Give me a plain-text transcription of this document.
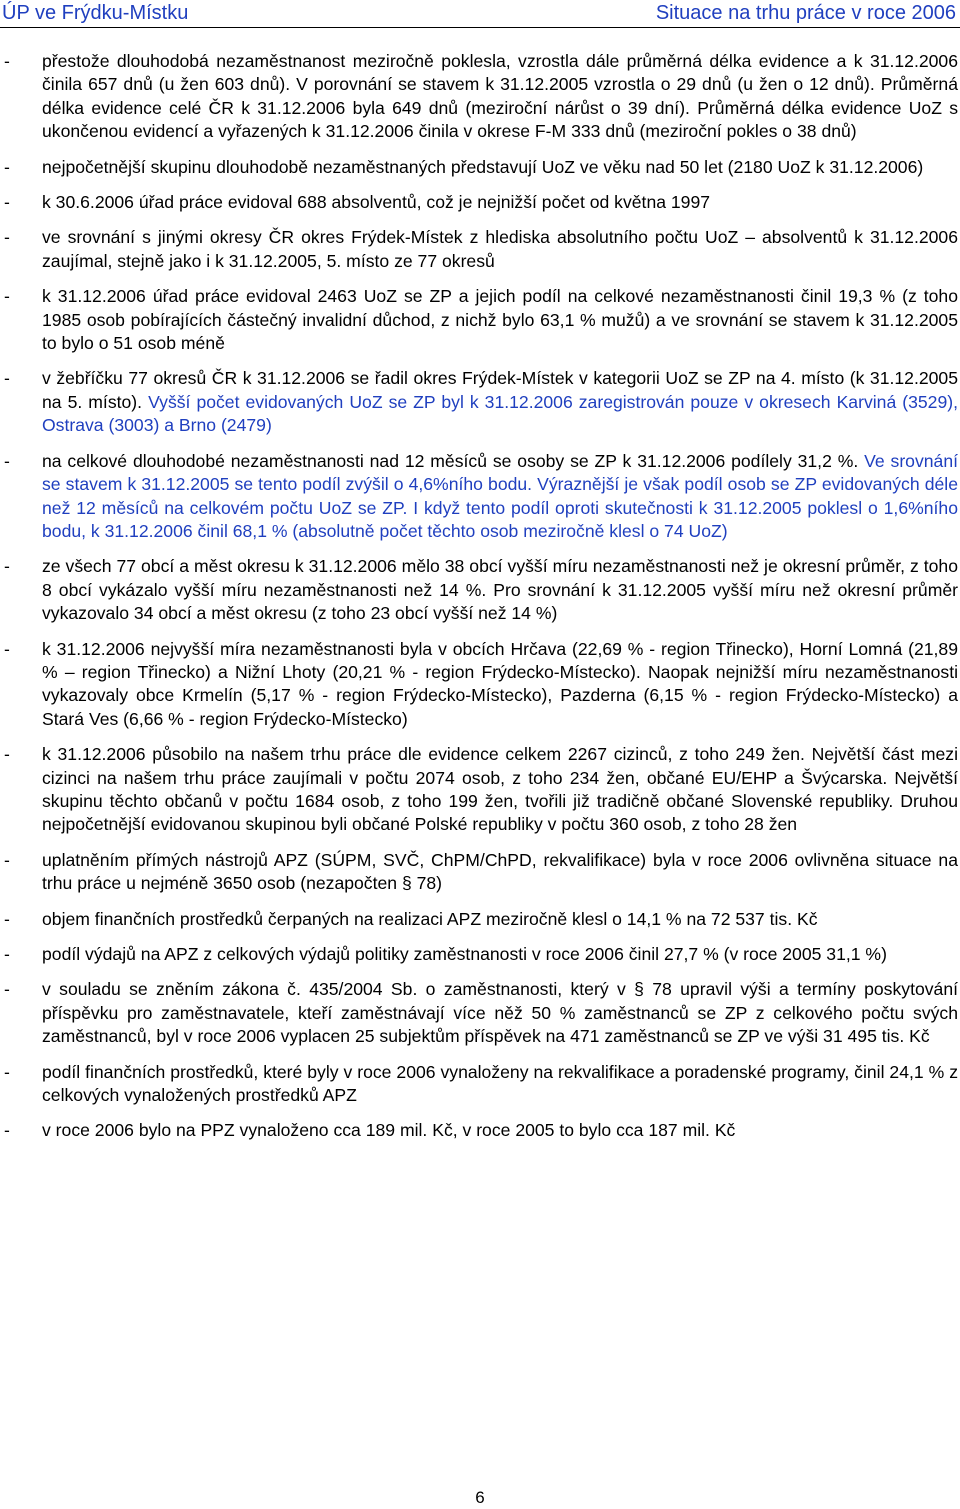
ÚP ve Frýdku-Místku	Situace na trhu práce v roce 2006
- přestože dlouhodobá nezaměstnanost meziročně poklesla, vzrostla dále průměrná délka evidence a k 31.12.2006 činila 657 dnů (u žen 603 dnů). V porovnání se stavem k 31.12.2005 vzrostla o 29 dnů (u žen o 12 dnů). Průměrná délka evidence celé ČR k 31.12.2006 byla 649 dnů (meziroční nárůst o 39 dní). Průměrná délka evidence UoZ s ukončenou evidencí a vyřazených k 31.12.2006 činila v okrese F-M 333 dnů (meziroční pokles o 38 dnů)
- nejpočetnější skupinu dlouhodobě nezaměstnaných představují UoZ ve věku nad 50 let (2180 UoZ k 31.12.2006)
- k 30.6.2006 úřad práce evidoval 688 absolventů, což je nejnižší počet od května 1997
- ve srovnání s jinými okresy ČR okres Frýdek-Místek z hlediska absolutního počtu UoZ – absolventů k 31.12.2006 zaujímal, stejně jako i k 31.12.2005, 5. místo ze 77 okresů
- k 31.12.2006 úřad práce evidoval 2463 UoZ se ZP a jejich podíl na celkové nezaměstnanosti činil 19,3 % (z toho 1985 osob pobírajících částečný invalidní důchod, z nichž bylo 63,1 % mužů) a ve srovnání se stavem k 31.12.2005 to bylo o 51 osob méně
- v žebříčku 77 okresů ČR k 31.12.2006 se řadil okres Frýdek-Místek v kategorii UoZ se ZP na 4. místo (k 31.12.2005 na 5. místo). Vyšší počet evidovaných UoZ se ZP byl k 31.12.2006 zaregistrován pouze v okresech Karviná (3529), Ostrava (3003) a Brno (2479)
- na celkové dlouhodobé nezaměstnanosti nad 12 měsíců se osoby se ZP k 31.12.2006 podílely 31,2 %. Ve srovnání se stavem k 31.12.2005 se tento podíl zvýšil o 4,6%ního bodu. Výraznější je však podíl osob se ZP evidovaných déle než 12 měsíců na celkovém počtu UoZ se ZP. I když tento podíl oproti skutečnosti k 31.12.2005 poklesl o 1,6%ního bodu, k 31.12.2006 činil 68,1 % (absolutně počet těchto osob meziročně klesl o 74 UoZ)
- ze všech 77 obcí a měst okresu k 31.12.2006 mělo 38 obcí vyšší míru nezaměstnanosti než je okresní průměr, z toho 8 obcí vykázalo vyšší míru nezaměstnanosti než 14 %. Pro srovnání k 31.12.2005 vyšší míru než okresní průměr vykazovalo 34 obcí a měst okresu (z toho 23 obcí vyšší než 14 %)
- k 31.12.2006 nejvyšší míra nezaměstnanosti byla v obcích Hrčava (22,69 % - region Třinecko), Horní Lomná (21,89 % – region Třinecko) a Nižní Lhoty (20,21 % - region Frýdecko-Místecko). Naopak nejnižší míru nezaměstnanosti vykazovaly obce Krmelín (5,17 % - region Frýdecko-Místecko), Pazderna (6,15 % - region Frýdecko-Místecko) a Stará Ves (6,66 % - region Frýdecko-Místecko)
- k 31.12.2006 působilo na našem trhu práce dle evidence celkem 2267 cizinců, z toho 249 žen. Největší část mezi cizinci na našem trhu práce zaujímali v počtu 2074 osob, z toho 234 žen, občané EU/EHP a Švýcarska. Největší skupinu těchto občanů v počtu 1684 osob, z toho 199 žen, tvořili již tradičně občané Slovenské republiky. Druhou nejpočetnější evidovanou skupinou byli občané Polské republiky v počtu 360 osob, z toho 28 žen
- uplatněním přímých nástrojů APZ (SÚPM, SVČ, ChPM/ChPD, rekvalifikace) byla v roce 2006 ovlivněna situace na trhu práce u nejméně 3650 osob (nezapočten § 78)
- objem finančních prostředků čerpaných na realizaci APZ meziročně klesl o 14,1 % na 72 537 tis. Kč
- podíl výdajů na APZ z celkových výdajů politiky zaměstnanosti v roce 2006 činil 27,7 % (v roce 2005 31,1 %)
- v souladu se zněním zákona č. 435/2004 Sb. o zaměstnanosti, který v § 78 upravil výši a termíny poskytování příspěvku pro zaměstnavatele, kteří zaměstnávají více něž 50 % zaměstnanců se ZP z celkového počtu svých zaměstnanců, byl v roce 2006 vyplacen 25 subjektům příspěvek na 471 zaměstnanců se ZP ve výši 31 495 tis. Kč
- podíl finančních prostředků, které byly v roce 2006 vynaloženy na rekvalifikace a poradenské programy, činil 24,1 % z celkových vynaložených prostředků APZ
- v roce 2006 bylo na PPZ vynaloženo cca 189 mil. Kč, v roce 2005 to bylo cca 187 mil. Kč
6
